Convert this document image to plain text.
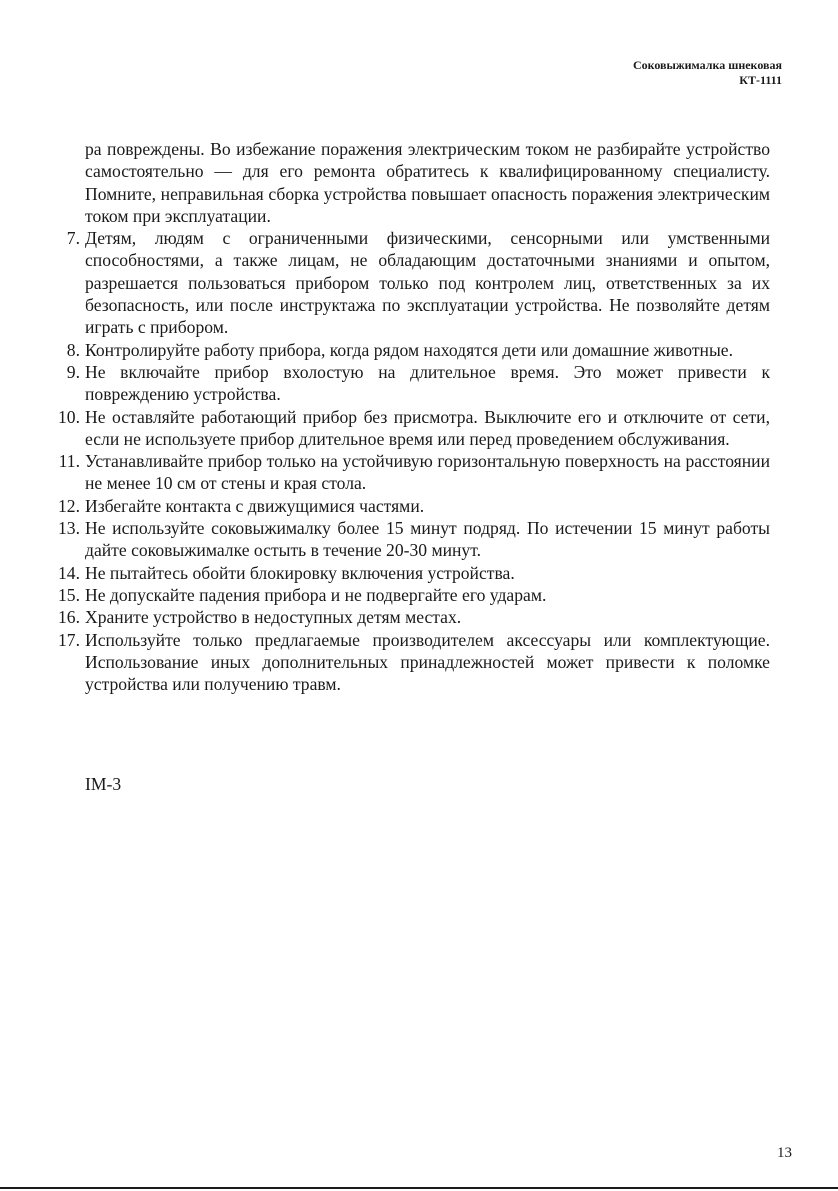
Соковыжималка шнековая
КТ-1111

ра повреждены. Во избежание поражения электрическим током не разбирайте устройство самостоятельно — для его ремонта обратитесь к квалифицированному специалисту. Помните, неправильная сборка устройства повышает опасность поражения электрическим током при эксплуатации.

7. Детям, людям с ограниченными физическими, сенсорными или умственными способностями, а также лицам, не обладающим достаточными знаниями и опытом, разрешается пользоваться прибором только под контролем лиц, ответственных за их безопасность, или после инструктажа по эксплуатации устройства. Не позволяйте детям играть с прибором.
8. Контролируйте работу прибора, когда рядом находятся дети или домашние животные.
9. Не включайте прибор вхолостую на длительное время. Это может привести к повреждению устройства.
10. Не оставляйте работающий прибор без присмотра. Выключите его и отключите от сети, если не используете прибор длительное время или перед проведением обслуживания.
11. Устанавливайте прибор только на устойчивую горизонтальную поверхность на расстоянии не менее 10 см от стены и края стола.
12. Избегайте контакта с движущимися частями.
13. Не используйте соковыжималку более 15 минут подряд. По истечении 15 минут работы дайте соковыжималке остыть в течение 20-30 минут.
14. Не пытайтесь обойти блокировку включения устройства.
15. Не допускайте падения прибора и не подвергайте его ударам.
16. Храните устройство в недоступных детям местах.
17. Используйте только предлагаемые производителем аксессуары или комплектующие. Использование иных дополнительных принадлежностей может привести к поломке устройства или получению травм.
IM-3
13
